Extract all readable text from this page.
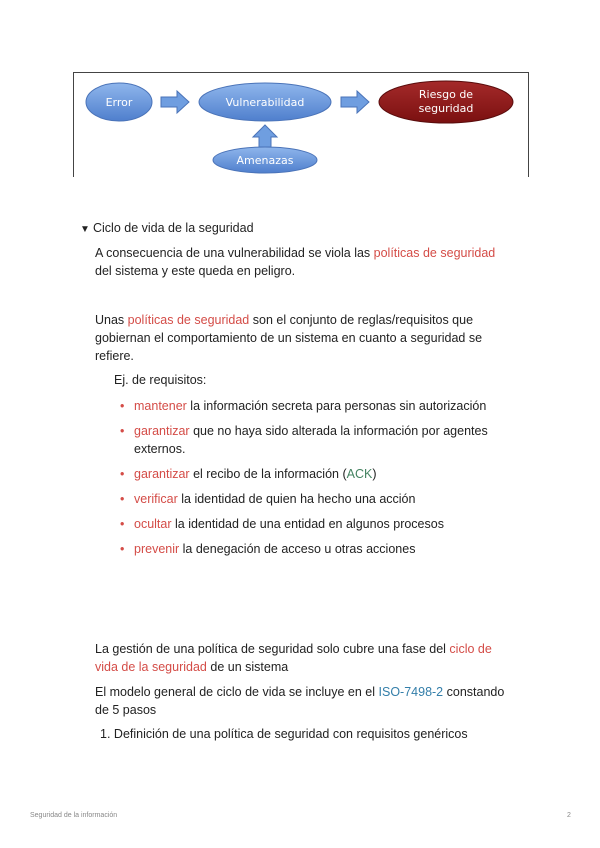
Error	Vulnerabilidad
Riesgo de
seguridad
Amenazas
▼ Ciclo de vida de la seguridad
A consecuencia de una vulnerabilidad se viola las políticas de seguridad
del sistema y este queda en peligro.
Unas políticas de seguridad son el conjunto de reglas/requisitos que
gobiernan el comportamiento de un sistema en cuanto a seguridad se
refiere.
Ej. de requisitos:
• mantener la información secreta para personas sin autorización
• garantizar que no haya sido alterada la información por agentes
externos.
• garantizar el recibo de la información (ACK)
• verificar la identidad de quien ha hecho una acción
• ocultar la identidad de una entidad en algunos procesos
• prevenir la denegación de acceso u otras acciones
La gestión de una política de seguridad solo cubre una fase del ciclo de
vida de la seguridad de un sistema
El modelo general de ciclo de vida se incluye en el ISO-7498-2 constando
de 5 pasos
1. Definición de una política de seguridad con requisitos genéricos
Seguridad de la información	2
